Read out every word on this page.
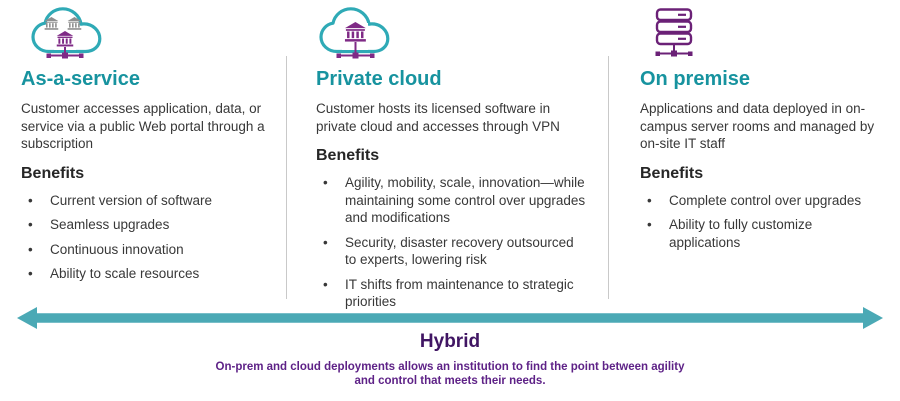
As-a-service

Customer accesses application, data, or service via a public Web portal through a subscription

Benefits
• Current version of software
• Seamless upgrades
• Continuous innovation
• Ability to scale resources
Private cloud

Customer hosts its licensed software in private cloud and accesses through VPN

Benefits
• Agility, mobility, scale, innovation—while maintaining some control over upgrades and modifications
• Security, disaster recovery outsourced to experts, lowering risk
• IT shifts from maintenance to strategic priorities
On premise

Applications and data deployed in on-campus server rooms and managed by on-site IT staff

Benefits
• Complete control over upgrades
• Ability to fully customize applications
Hybrid

On-prem and cloud deployments allows an institution to find the point between agility and control that meets their needs.
